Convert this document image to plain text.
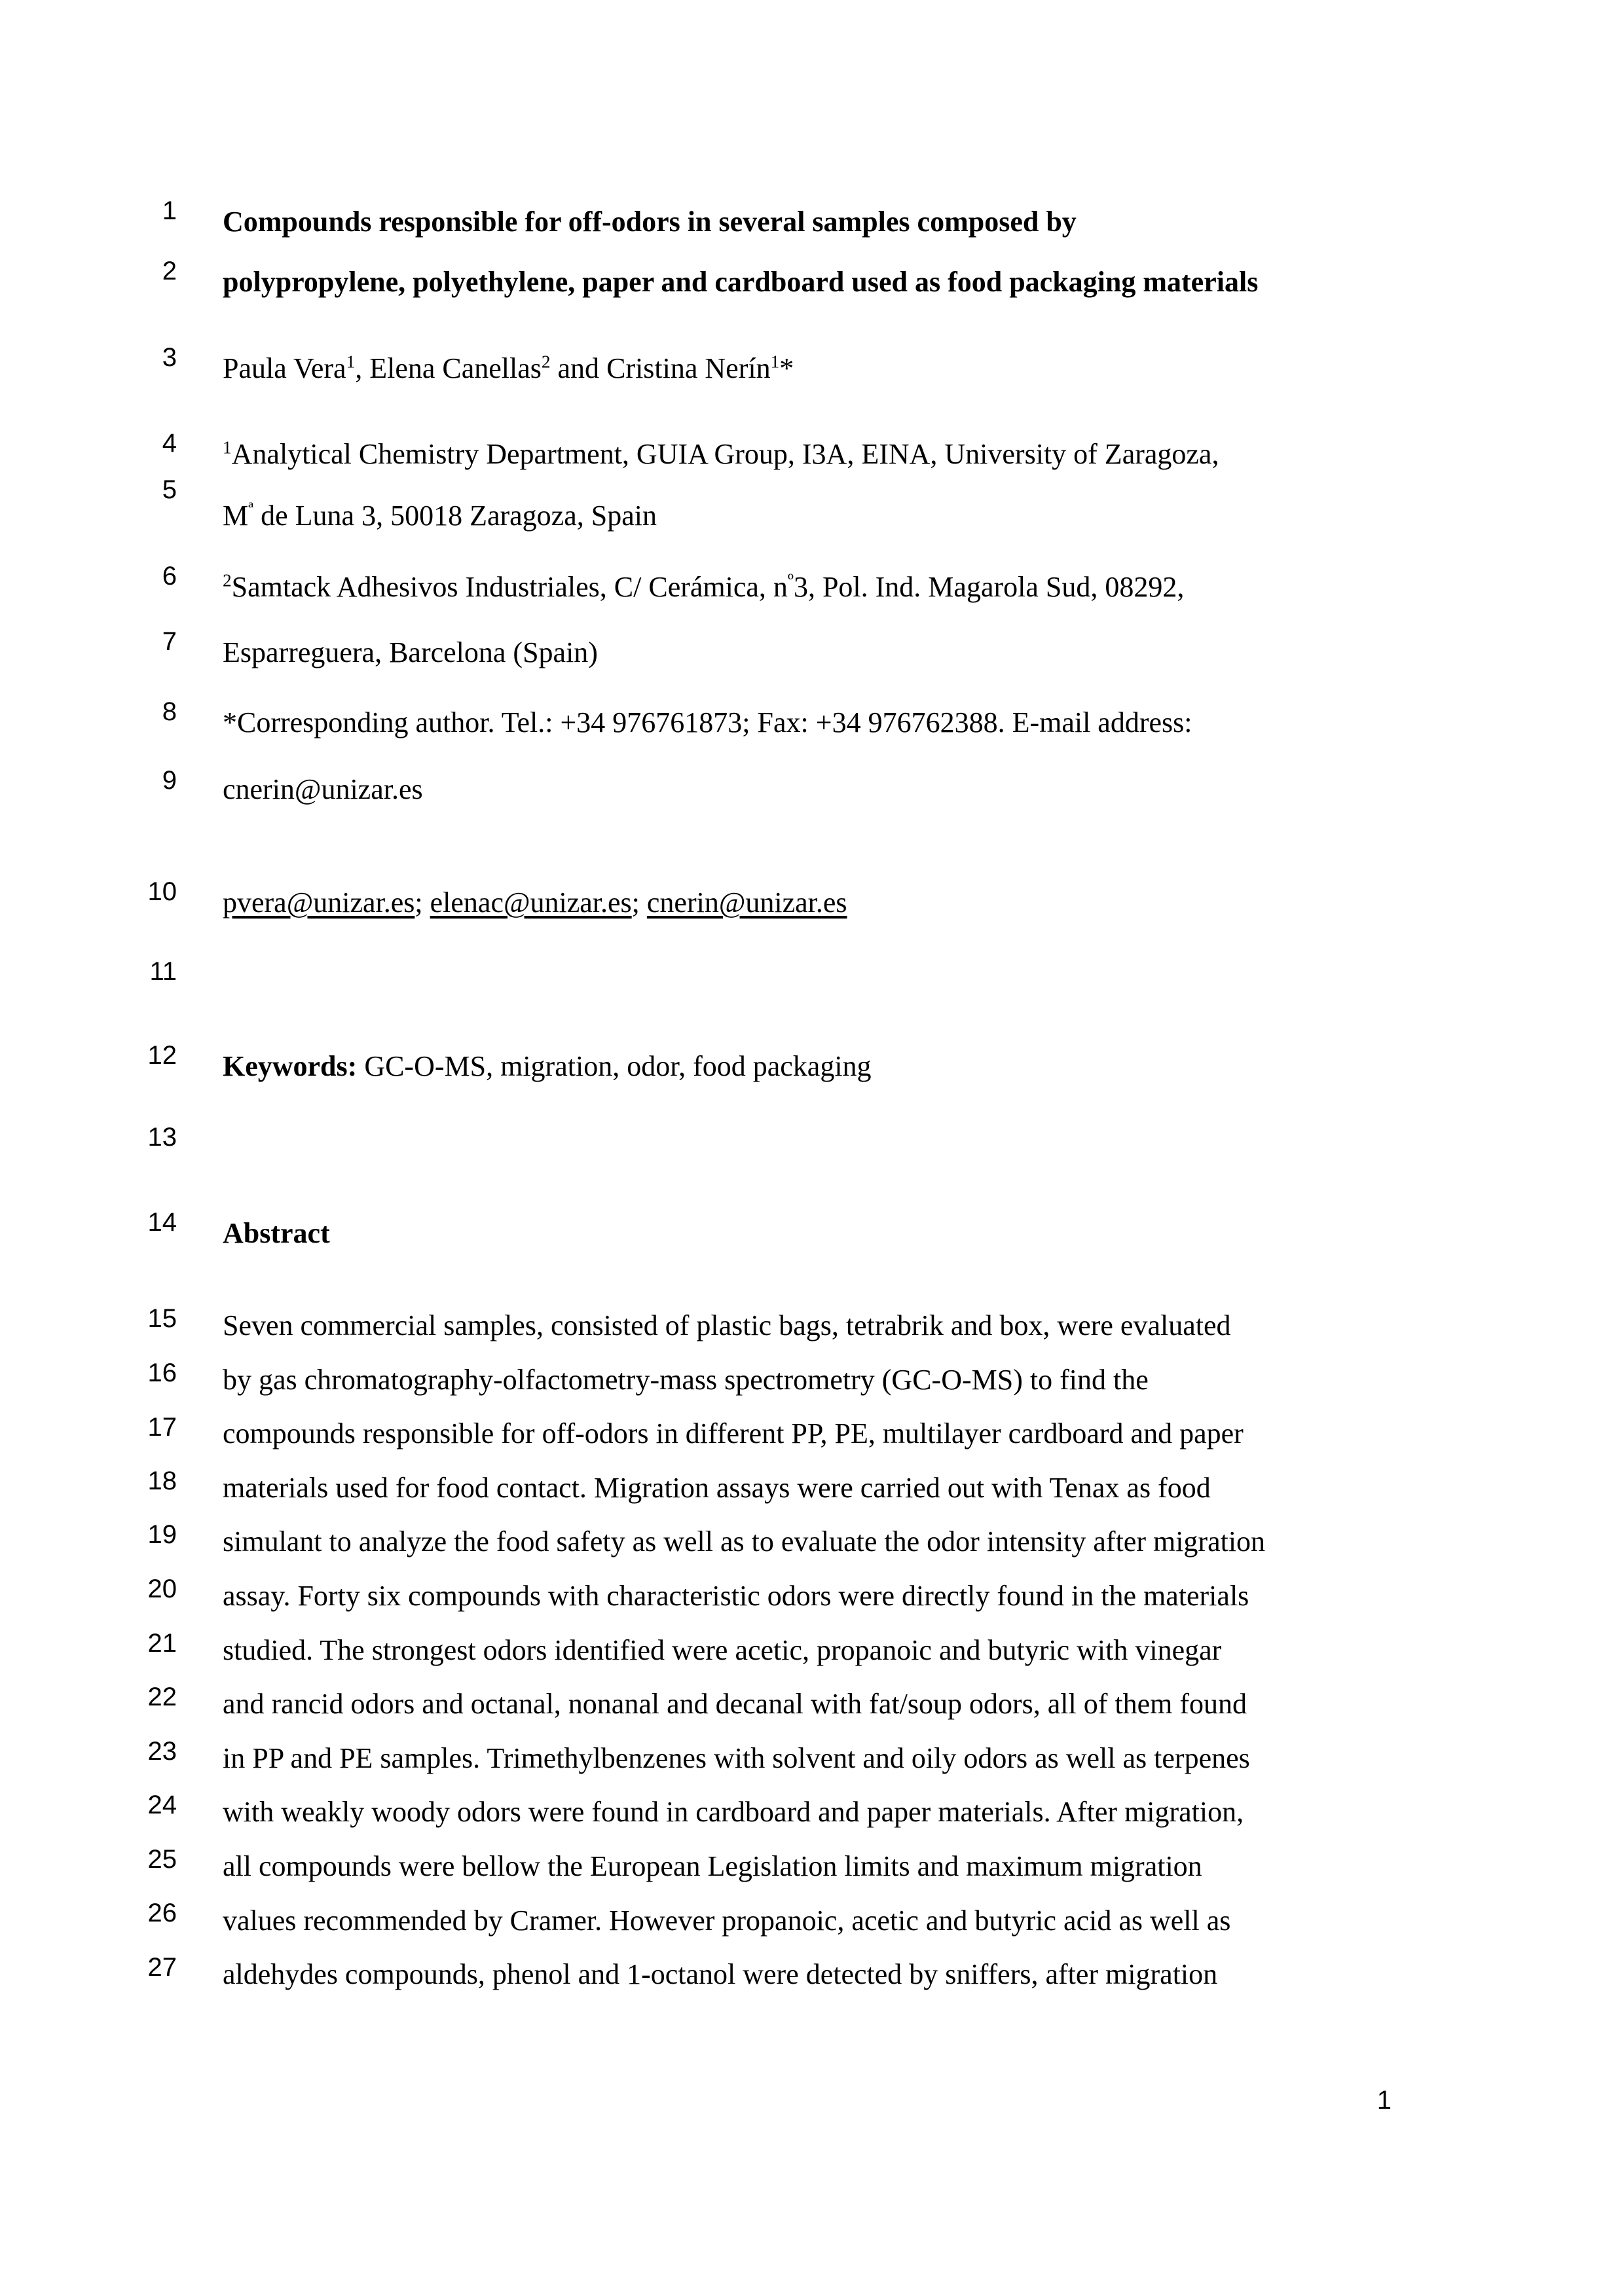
1
2
3
4
5
6
7
8
9
10
11
12
13
14
15
16
17
18
19
20
21
22
23
24
25
26
27
Compounds responsible for off-odors in several samples composed by
polypropylene, polyethylene, paper and cardboard used as food packaging materials
Paula Vera$^1$, Elena Canellas$^2$ and Cristina Nerín$^1$*
$^1$Analytical Chemistry Department, GUIA Group, I3A, EINA, University of Zaragoza,
$M^ª$ de Luna 3, 50018 Zaragoza, Spain
$^2$Samtack Adhesivos Industriales, C/ Cerámica, $n^º3$, Pol. Ind. Magarola Sud, 08292,
Esparreguera, Barcelona (Spain)
*Corresponding author. Tel.: +34 976761873; Fax: +34 976762388. E-mail address:
cnerin@unizar.es
pvera@unizar.es; elenac@unizar.es; cnerin@unizar.es

Keywords: GC-O-MS, migration, odor, food packaging

Abstract
Seven commercial samples, consisted of plastic bags, tetrabrik and box, were evaluated
by gas chromatography-olfactometry-mass spectrometry (GC-O-MS) to find the
compounds responsible for off-odors in different PP, PE, multilayer cardboard and paper
materials used for food contact. Migration assays were carried out with Tenax as food
simulant to analyze the food safety as well as to evaluate the odor intensity after migration
assay. Forty six compounds with characteristic odors were directly found in the materials
studied. The strongest odors identified were acetic, propanoic and butyric with vinegar
and rancid odors and octanal, nonanal and decanal with fat/soup odors, all of them found
in PP and PE samples. Trimethylbenzenes with solvent and oily odors as well as terpenes
with weakly woody odors were found in cardboard and paper materials. After migration,
all compounds were bellow the European Legislation limits and maximum migration
values recommended by Cramer. However propanoic, acetic and butyric acid as well as
aldehydes compounds, phenol and 1-octanol were detected by sniffers, after migration
1
